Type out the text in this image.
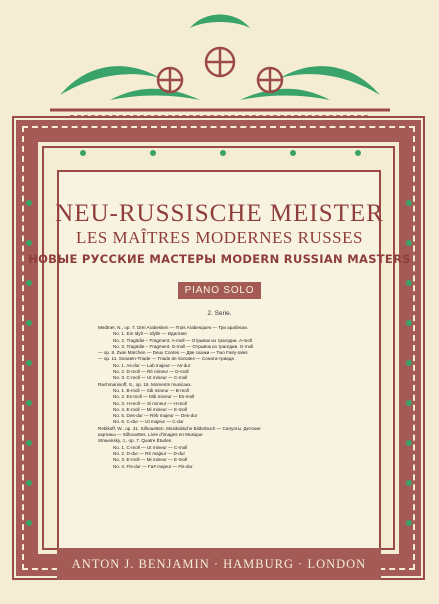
NEU-RUSSISCHE MEISTER
LES MAÎTRES MODERNES RUSSES
НОВЫЕ РУССКИЕ МАСТЕРЫ MODERN RUSSIAN MASTERS
PIANO SOLO
2. Serie.
Medtner, N., op. 7. Drei Arabesken — Trois Arabesques — Три арабески.
No. 1. Ein Idyll — Idylle — Идиллия
No. 2. Tragödie – Fragment. A-moll — Отрывок из трагедии. A-moll
No. 3. Tragödie – Fragment. G-moll — Отрывок из трагедии. G-moll
— op. 8. Zwei Märchen — Deux Contes — Две сказки — Two Fairy-tales
— op. 11. Sonaten-Triade — Triade de Sonates — Соната-триада
No. 1. As-dur — Lab majeur — As-dur
No. 2. D-moll — Ré mineur — D-moll
No. 3. C-moll — Ut mineur — C-moll
Rachmaninoff, S., op. 16. Moments musicaux.
No. 1. B-moll — Sib mineur — B-moll
No. 2. Es-moll — Mib mineur — Es-moll
No. 3. H-moll — Si mineur — H-moll
No. 4. E-moll — Mi mineur — E-moll
No. 5. Des-dur — Réb majeur — Des-dur
No. 6. C-dur — Ut majeur — C-dur
Rebikoff, W., op. 31. Silhouetten. Musikalische Bilderbuch — Силуэты. Детские
картины — Silhouettes. Livre d'images en Musique
Strawinsky, J., op. 7. Quatre Études.
No. 1. C-moll — Ut mineur — C-moll
No. 2. D-dur — Ré majeur — D-dur
No. 3. E-moll — Mi mineur — E-moll
No. 4. Fis-dur — Fa# majeur — Fis-dur
ANTON J. BENJAMIN · HAMBURG · LONDON
